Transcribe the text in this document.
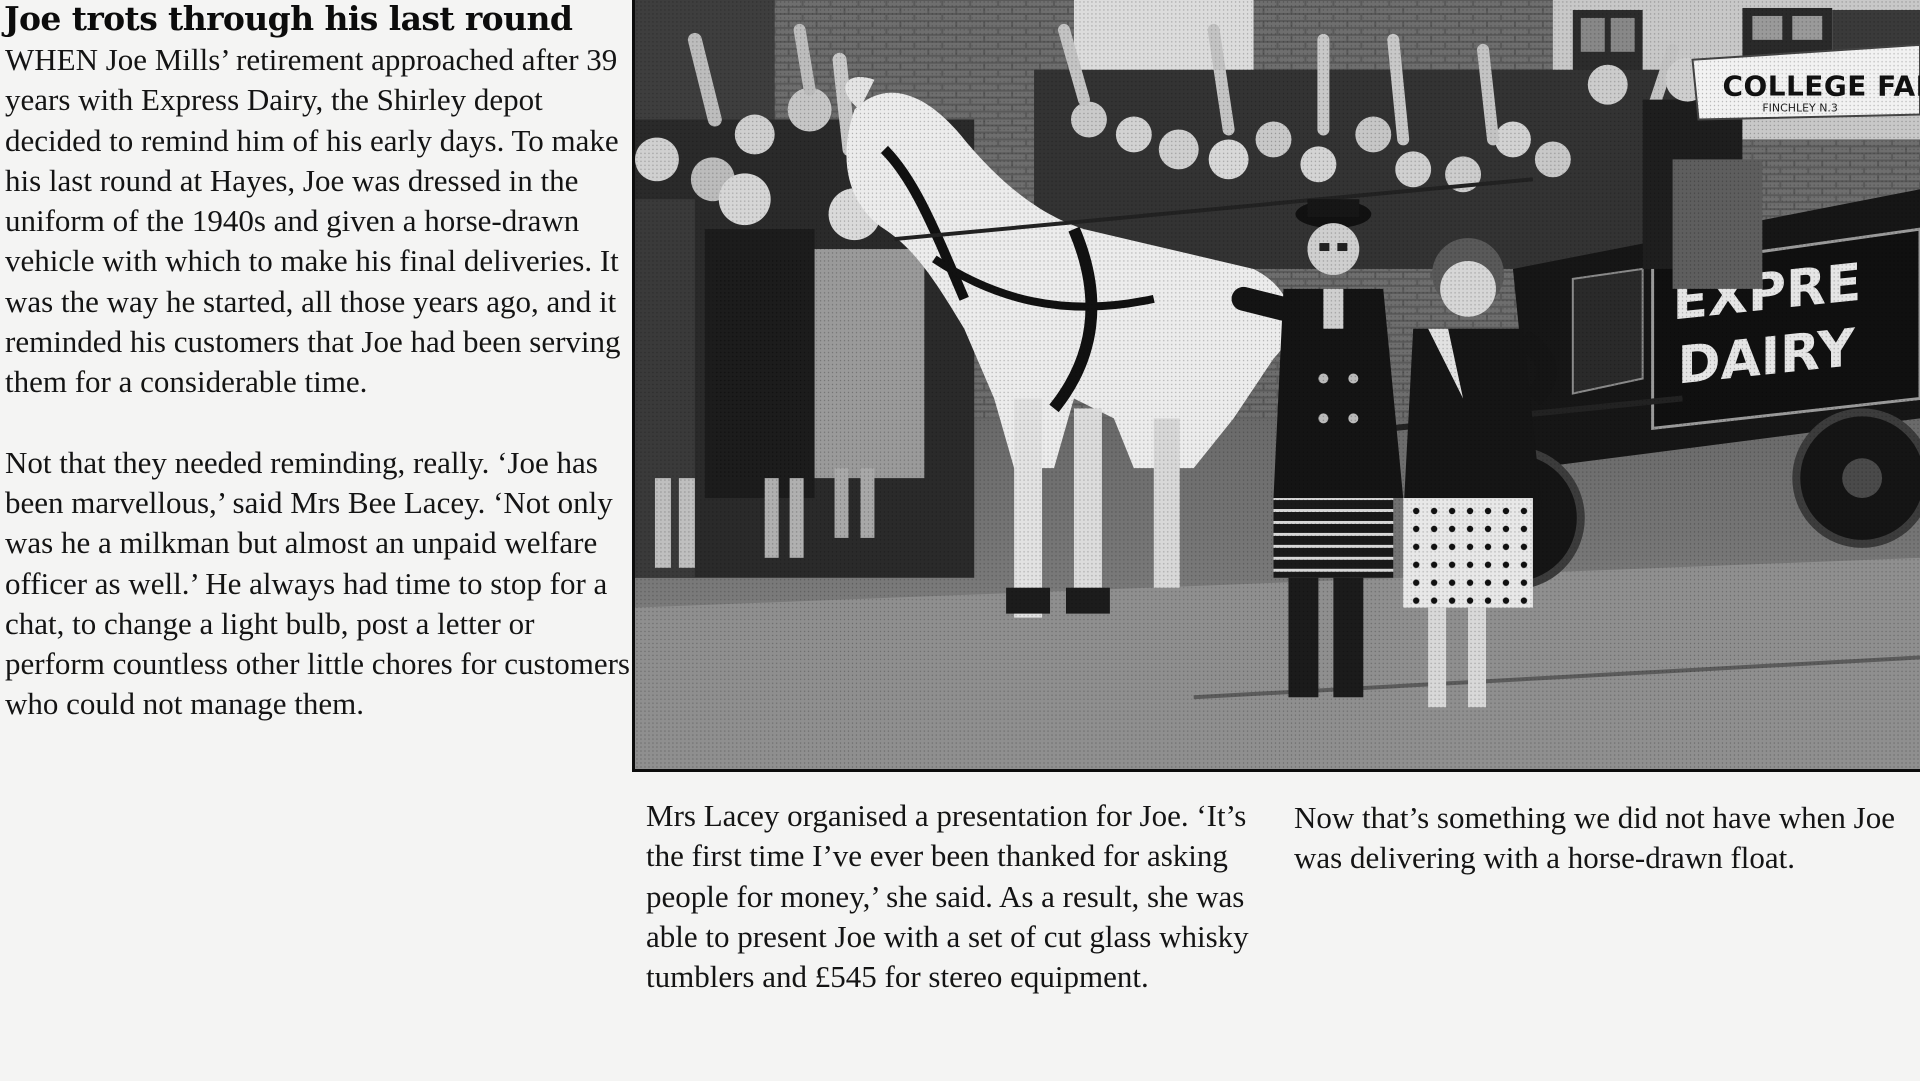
Joe trots through his last round

WHEN Joe Mills’ retirement approached after 39 years with Express Dairy, the Shirley depot decided to remind him of his early days. To make his last round at Hayes, Joe was dressed in the uniform of the 1940s and given a horse-drawn vehicle with which to make his final deliveries. It was the way he started, all those years ago, and it reminded his customers that Joe had been serving them for a considerable time.

Not that they needed reminding, really. ‘Joe has been marvellous,’ said Mrs Bee Lacey. ‘Not only was he a milkman but almost an unpaid welfare officer as well.’ He always had time to stop for a chat, to change a light bulb, post a letter or perform countless other little chores for customers who could not manage them.

Mrs Lacey organised a presentation for Joe. ‘It’s the first time I’ve ever been thanked for asking people for money,’ she said. As a result, she was able to present Joe with a set of cut glass whisky tumblers and £545 for stereo equipment.

Now that’s something we did not have when Joe was delivering with a horse-drawn float.
